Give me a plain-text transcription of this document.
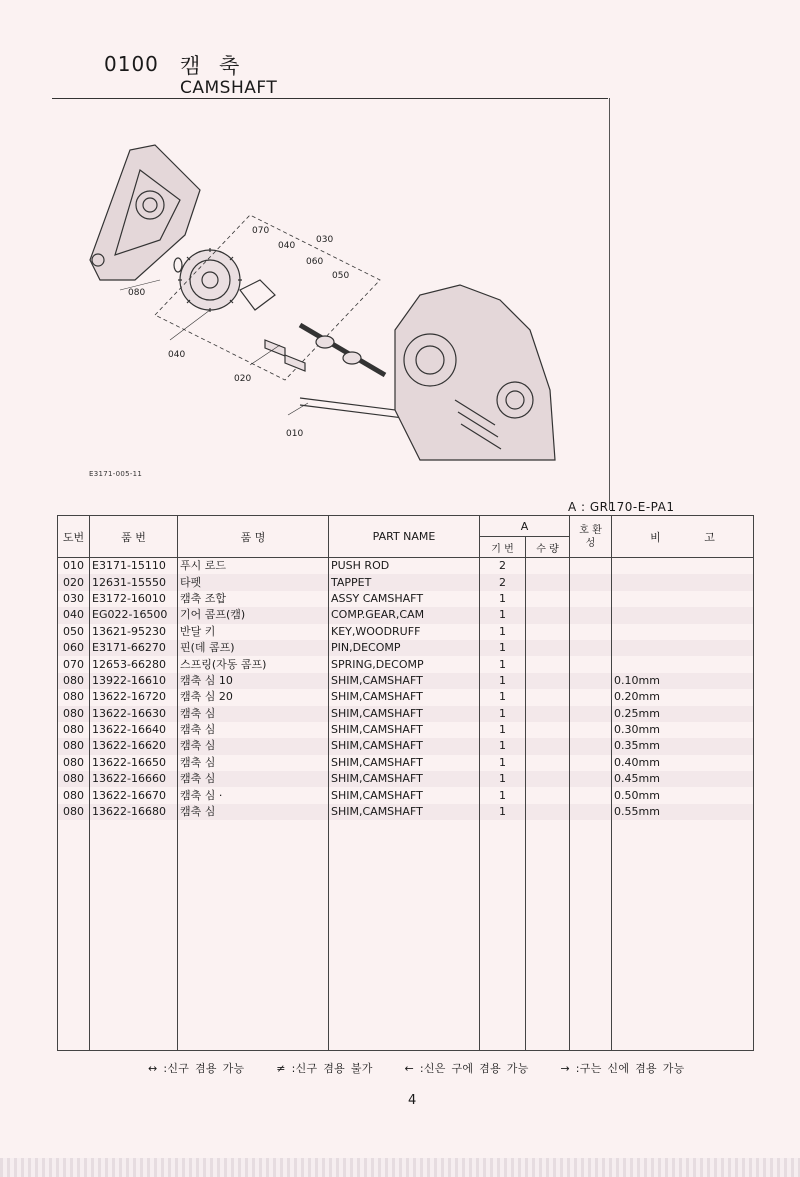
0100 캠 축
CAMSHAFT
070
040
030
060
050
080
040
020
010
E3171-005-11
A : GR170-E-PA1
도번	품 번	품 명	PART NAME	A		호 환 성	비 고
				기 번	수 량		
010	E3171-15110	푸시 로드	PUSH ROD	2			
020	12631-15550	타펫	TAPPET	2			
030	E3172-16010	캠축 조합	ASSY CAMSHAFT	1			
040	EG022-16500	기어 콤프(캠)	COMP.GEAR,CAM	1			
050	13621-95230	반달 키	KEY,WOODRUFF	1			
060	E3171-66270	핀(데 콤프)	PIN,DECOMP	1			
070	12653-66280	스프링(자동 콤프)	SPRING,DECOMP	1			
080	13922-16610	캠축 심 10	SHIM,CAMSHAFT	1			0.10mm
080	13622-16720	캠축 심 20	SHIM,CAMSHAFT	1			0.20mm
080	13622-16630	캠축 심	SHIM,CAMSHAFT	1			0.25mm
080	13622-16640	캠축 심	SHIM,CAMSHAFT	1			0.30mm
080	13622-16620	캠축 심	SHIM,CAMSHAFT	1			0.35mm
080	13622-16650	캠축 심	SHIM,CAMSHAFT	1			0.40mm
080	13622-16660	캠축 심	SHIM,CAMSHAFT	1			0.45mm
080	13622-16670	캠축 심 ·	SHIM,CAMSHAFT	1			0.50mm
080	13622-16680	캠축 심	SHIM,CAMSHAFT	1			0.55mm

↔ :신구 겸용 가능	≠ :신구 겸용 불가	← :신은 구에 겸용 가능	→ :구는 신에 겸용 가능
4
